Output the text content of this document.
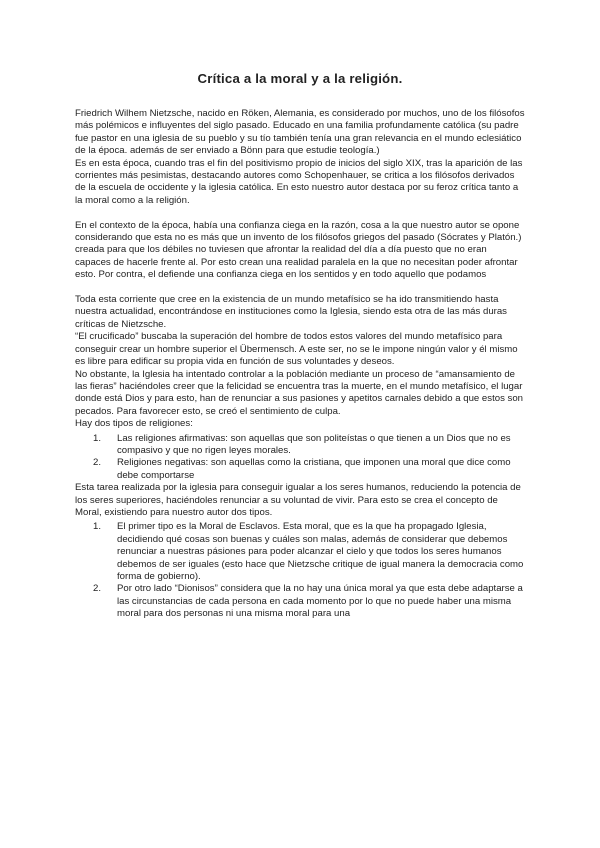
Crítica a la moral y a la religión.

Friedrich Wilhem Nietzsche, nacido en Röken, Alemania, es considerado por muchos, uno de los filósofos más polémicos e influyentes del siglo pasado. Educado en una familia profundamente católica (su padre fue pastor en una iglesia de su pueblo y su tío también tenía una gran relevancia en el mundo eclesiático de la época. además de ser enviado a Bönn para que estudie teología.)

Es en esta época, cuando tras el fin del positivismo propio de inicios del siglo XIX, tras la aparición de las corrientes más pesimistas, destacando autores como Schopenhauer, se critica a los filósofos derivados de la escuela de occidente y la iglesia católica. En esto nuestro autor destaca por su feroz crítica tanto a la moral como a la religión.

En el contexto de la época, había una confianza ciega en la razón, cosa a la que nuestro autor se opone considerando que esta no es más que un invento de los filósofos griegos del pasado (Sócrates y Platón.) creada para que los débiles no tuviesen que afrontar la realidad del día a día puesto que no eran capaces de hacerle frente al. Por esto crean una realidad paralela en la que no necesitan poder afrontar esto. Por contra, el defiende una confianza ciega en los sentidos y en todo aquello que podamos

Toda esta corriente que cree en la existencia de un mundo metafísico se ha ido transmitiendo hasta nuestra actualidad, encontrándose en instituciones como la Iglesia, siendo esta otra de las más duras críticas de Nietzsche.

“El crucificado” buscaba la superación del hombre de todos estos valores del mundo metafísico para conseguir crear un hombre superior el Übermensch. A este ser, no se le impone ningún valor y él mismo es libre para edificar su propia vida en función de sus voluntades y deseos.

No obstante, la Iglesia ha intentado controlar a la población mediante un proceso de “amansamiento de las fieras” haciéndoles creer que la felicidad se encuentra tras la muerte, en el mundo metafísico, el lugar donde está Dios y para esto, han de renunciar a sus pasiones y apetitos carnales debido a que estos son pecados. Para favorecer esto, se creó el sentimiento de culpa.

Hay dos tipos de religiones:

1. Las religiones afirmativas: son aquellas que son politeístas o que tienen a un Dios que no es compasivo y que no rigen leyes morales.
2. Religiones negativas: son aquellas como la cristiana, que imponen una moral que dice como debe comportarse

Esta tarea realizada por la iglesia para conseguir igualar a los seres humanos, reduciendo la potencia de los seres superiores, haciéndoles renunciar a su voluntad de vivir. Para esto se crea el concepto de Moral, existiendo para nuestro autor dos tipos.

1. El primer tipo es la Moral de Esclavos. Esta moral, que es la que ha propagado Iglesia, decidiendo qué cosas son buenas y cuáles son malas, además de considerar que debemos renunciar a nuestras pásiones para poder alcanzar el cielo y que todos los seres humanos debemos de ser iguales (esto hace que Nietzsche critique de igual manera la democracia como forma de gobierno).
2. Por otro lado “Dionisos” considera que la no hay una única moral ya que esta debe adaptarse a las circunstancias de cada persona en cada momento por lo que no puede haber una misma moral para dos personas ni una misma moral para una
